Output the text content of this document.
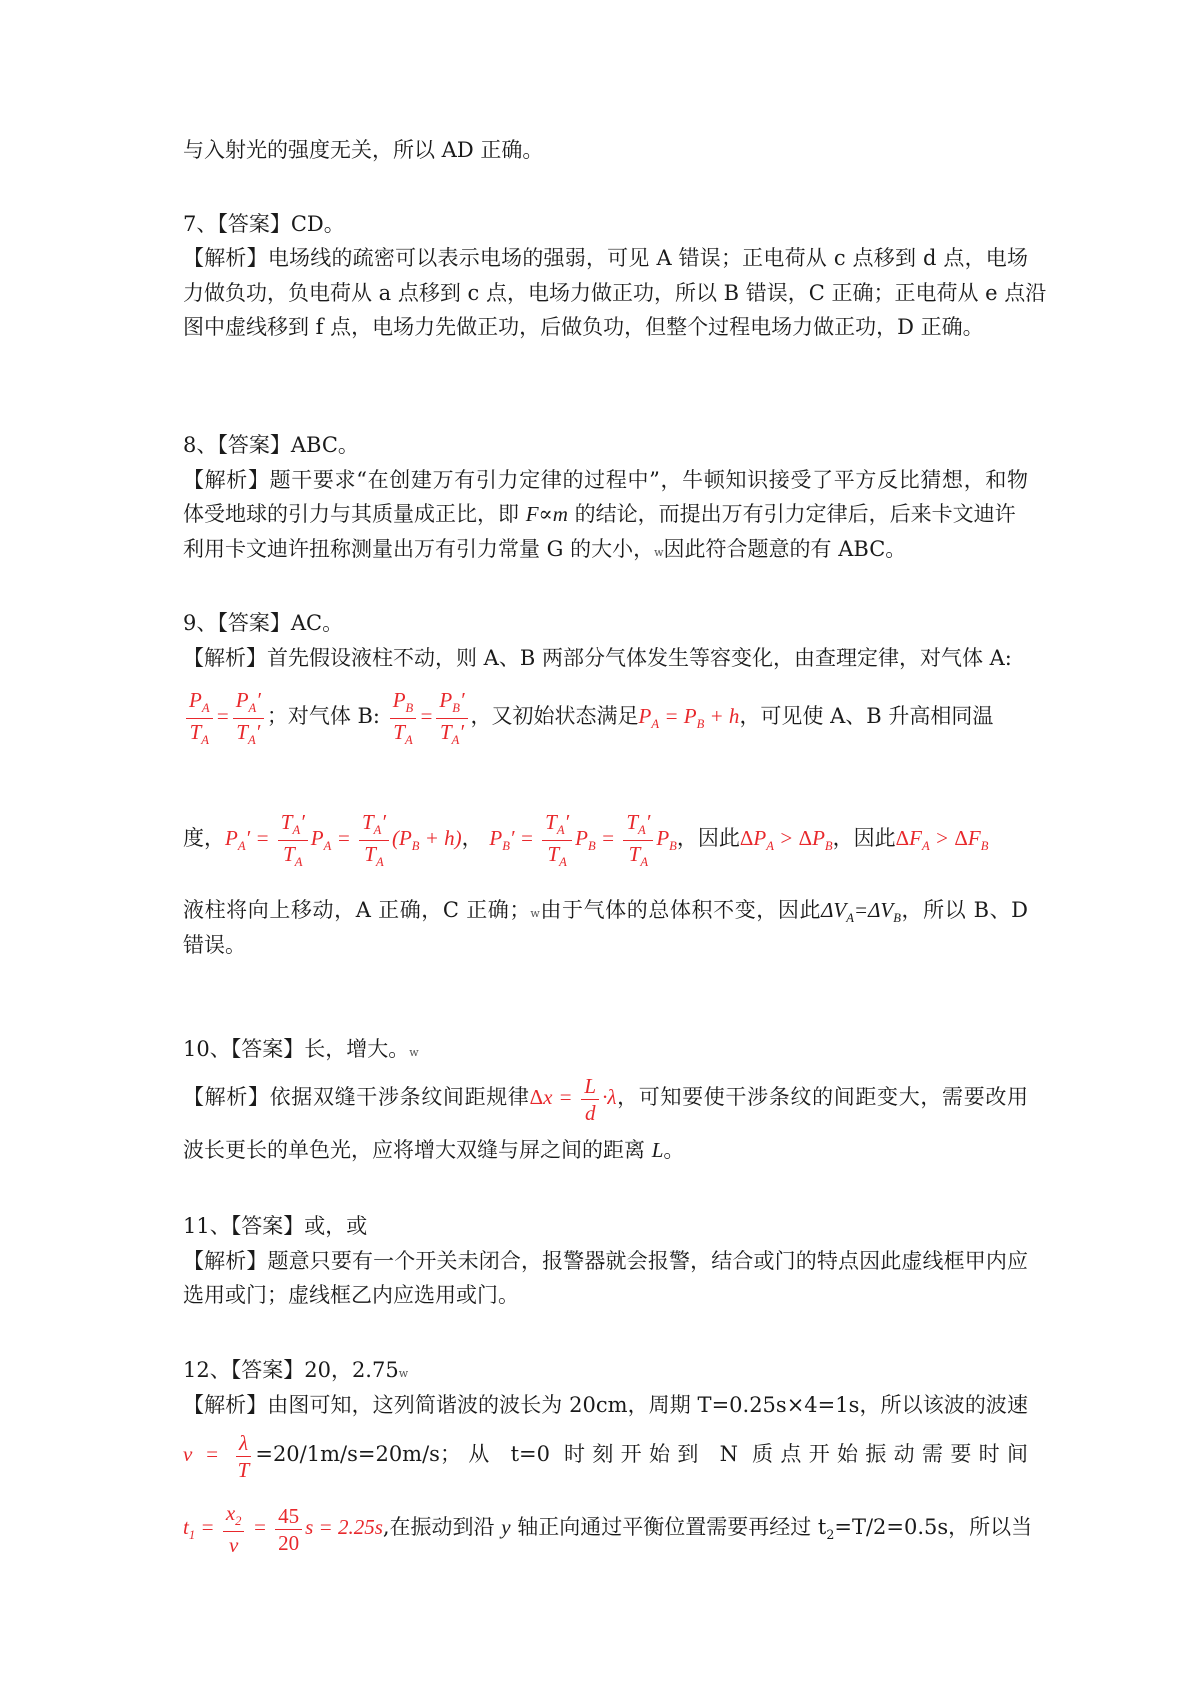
与入射光的强度无关，所以 AD 正确。
7、【答案】CD。
【解析】电场线的疏密可以表示电场的强弱，可见 A 错误；正电荷从 c 点移到 d 点，电场
力做负功，负电荷从 a 点移到 c 点，电场力做正功，所以 B 错误，C 正确；正电荷从 e 点沿
图中虚线移到 f 点，电场力先做正功，后做负功，但整个过程电场力做正功，D 正确。
8、【答案】ABC。
【解析】题干要求“在创建万有引力定律的过程中”，牛顿知识接受了平方反比猜想，和物
体受地球的引力与其质量成正比，即 F∝m 的结论，而提出万有引力定律后，后来卡文迪许
利用卡文迪许扭称测量出万有引力常量 G 的大小，w因此符合题意的有 ABC。
9、【答案】AC。
【解析】首先假设液柱不动，则 A、B 两部分气体发生等容变化，由查理定律，对气体 A:
$\frac{P_A}{T_A} = \frac{P_A'}{T_A'}$ ；对气体 B: $\frac{P_B}{T_A} = \frac{P_B'}{T_A'}$ ，又初始状态满足$P_A = P_B + h$，可见使 A、B 升高相同温
度，$P_A' = \frac{T_A'}{T_A} P_A = \frac{T_A'}{T_A} (P_B + h)$， $P_B' = \frac{T_A'}{T_A} P_B = \frac{T_A'}{T_A} P_B$，因此$\Delta P_A > \Delta P_B$，因此$\Delta F_A > \Delta F_B$
液柱将向上移动，A 正确，C 正确；w由于气体的总体积不变，因此$\Delta V_A=\Delta V_B$，所以 B、D
错误。
10、【答案】长，增大。w
【解析】依据双缝干涉条纹间距规律$\Delta x = \frac{L}{d} \cdot\lambda$，可知要使干涉条纹的间距变大，需要改用
波长更长的单色光，应将增大双缝与屏之间的距离 L。
11、【答案】或，或
【解析】题意只要有一个开关未闭合，报警器就会报警，结合或门的特点因此虚线框甲内应
选用或门；虚线框乙内应选用或门。
12、【答案】20，2.75w
【解析】由图可知，这列简谐波的波长为 20cm，周期 T=0.25s×4=1s，所以该波的波速
$v = \frac{\lambda}{T} =20/1m/s=20m/s$；从 t=0 时刻开始到 N 质点开始振动需要时间
$t_1 = \frac{x_2}{v} = \frac{45}{20}$ s = 2.25s,在振动到沿 y 轴正向通过平衡位置需要再经过 $t_2=T/2=0.5s$，所以当
